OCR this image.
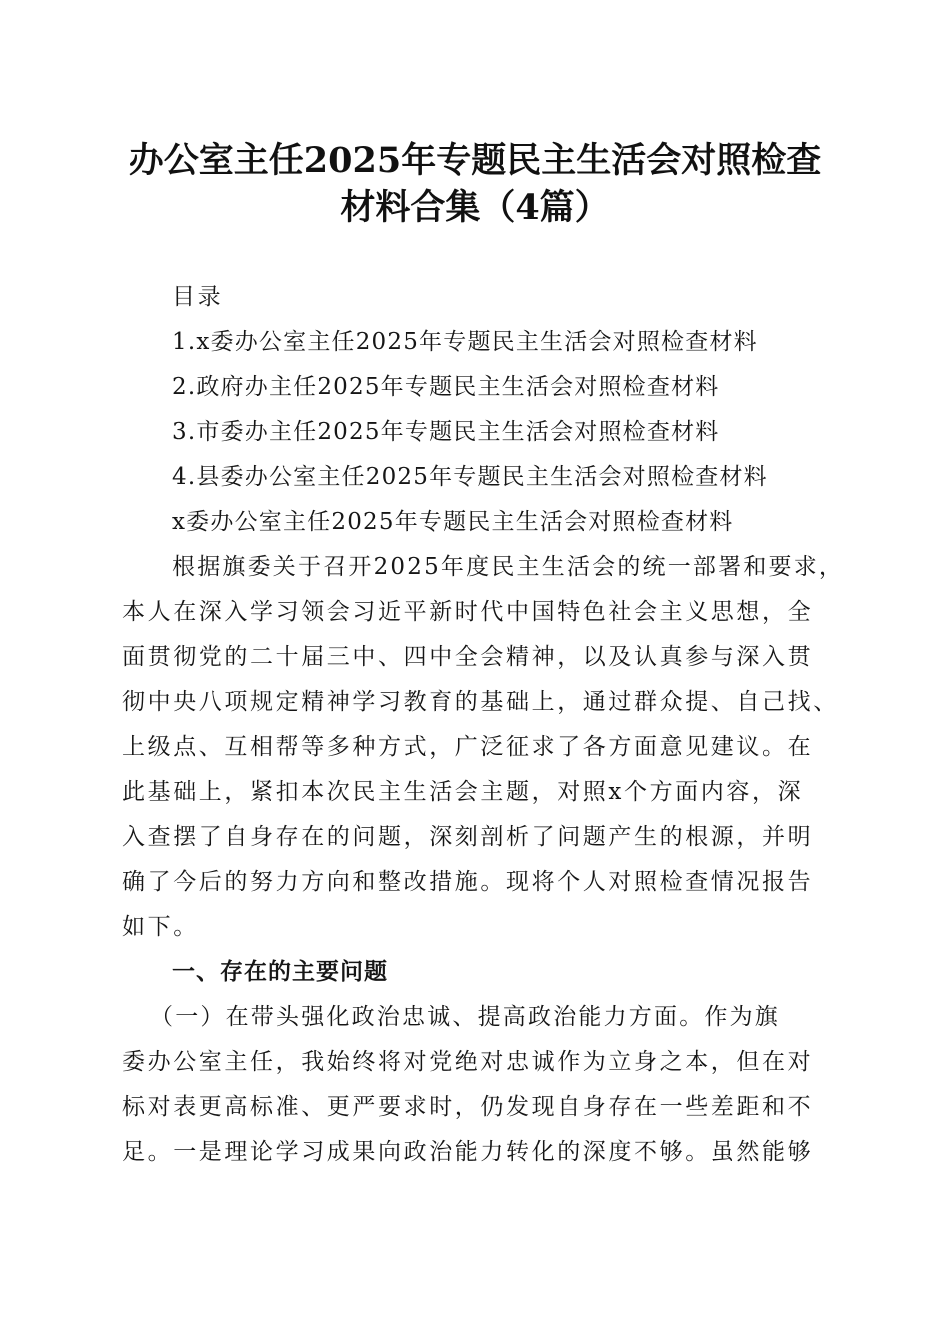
办公室主任2025年专题民主生活会对照检查
材料合集（4篇）
目录
1.x委办公室主任2025年专题民主生活会对照检查材料
2.政府办主任2025年专题民主生活会对照检查材料
3.市委办主任2025年专题民主生活会对照检查材料
4.县委办公室主任2025年专题民主生活会对照检查材料
x委办公室主任2025年专题民主生活会对照检查材料
根据旗委关于召开2025年度民主生活会的统一部署和要求，
本人在深入学习领会习近平新时代中国特色社会主义思想，全
面贯彻党的二十届三中、四中全会精神，以及认真参与深入贯
彻中央八项规定精神学习教育的基础上，通过群众提、自己找、
上级点、互相帮等多种方式，广泛征求了各方面意见建议。在
此基础上，紧扣本次民主生活会主题，对照x个方面内容，深
入查摆了自身存在的问题，深刻剖析了问题产生的根源，并明
确了今后的努力方向和整改措施。现将个人对照检查情况报告
如下。
一、存在的主要问题
（一）在带头强化政治忠诚、提高政治能力方面。作为旗
委办公室主任，我始终将对党绝对忠诚作为立身之本，但在对
标对表更高标准、更严要求时，仍发现自身存在一些差距和不
足。一是理论学习成果向政治能力转化的深度不够。虽然能够
